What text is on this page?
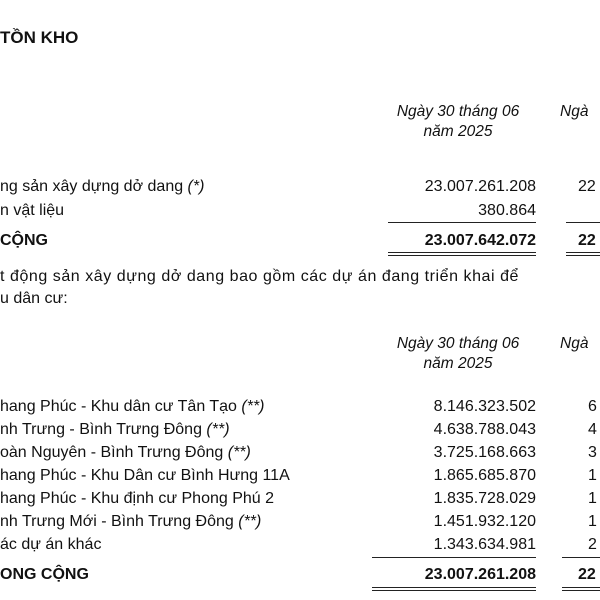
TỒN KHO
Ngày 30 tháng 06
năm 2025
Ngà
ng sản xây dựng dở dang (*)	23.007.261.208	22
n vật liệu	380.864
CỘNG	23.007.642.072	22
t động sản xây dựng dở dang bao gồm các dự án đang triển khai để
u dân cư:
Ngày 30 tháng 06
năm 2025
Ngà
hang Phúc - Khu dân cư Tân Tạo (**)	8.146.323.502	6
nh Trưng - Bình Trưng Đông (**)	4.638.788.043	4
oàn Nguyên - Bình Trưng Đông (**)	3.725.168.663	3
hang Phúc - Khu Dân cư Bình Hưng 11A	1.865.685.870	1
hang Phúc - Khu định cư Phong Phú 2	1.835.728.029	1
nh Trưng Mới - Bình Trưng Đông (**)	1.451.932.120	1
ác dự án khác	1.343.634.981	2
ONG CỘNG	23.007.261.208	22
